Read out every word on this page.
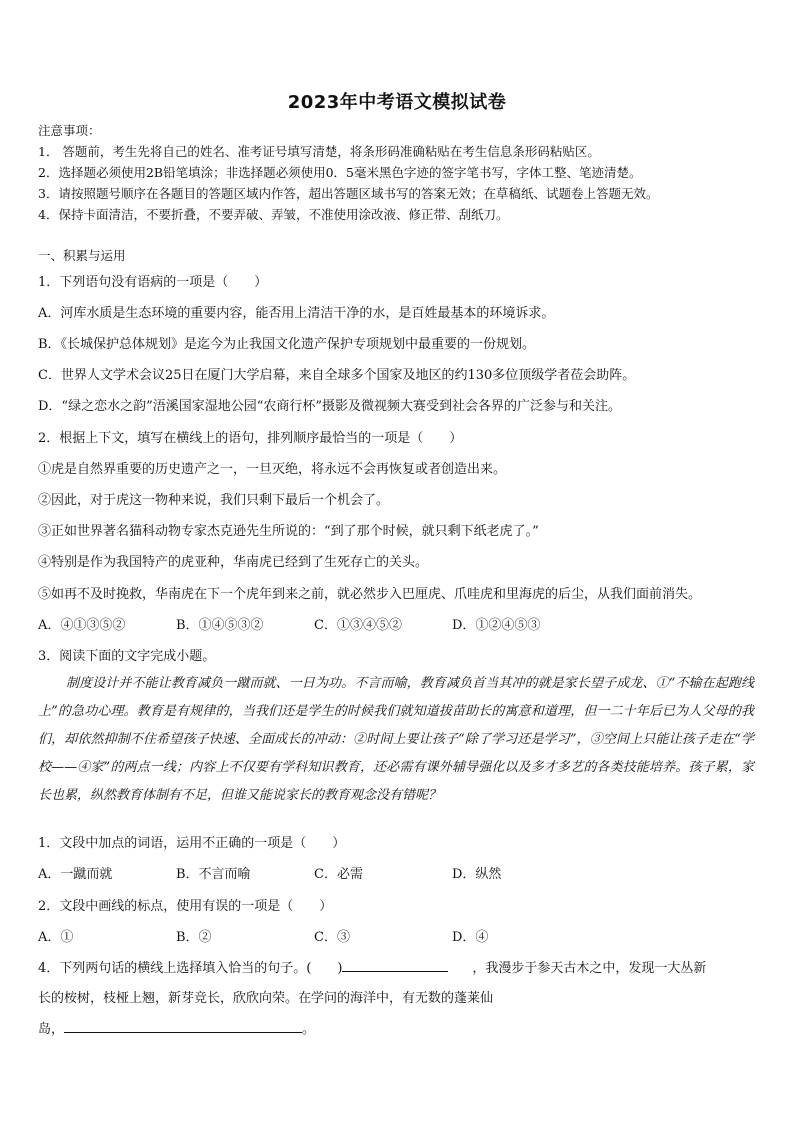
2023年中考语文模拟试卷
注意事项：
1． 答题前，考生先将自己的姓名、准考证号填写清楚，将条形码准确粘贴在考生信息条形码粘贴区。
2．选择题必须使用2B铅笔填涂；非选择题必须使用0．5毫米黑色字迹的签字笔书写，字体工整、笔迹清楚。
3．请按照题号顺序在各题目的答题区域内作答，超出答题区域书写的答案无效；在草稿纸、试题卷上答题无效。
4．保持卡面清洁，不要折叠，不要弄破、弄皱，不准使用涂改液、修正带、刮纸刀。
一、积累与运用
1．下列语句没有语病的一项是（　　）
A．河库水质是生态环境的重要内容，能否用上清洁干净的水，是百姓最基本的环境诉求。
B．《长城保护总体规划》是迄今为止我国文化遗产保护专项规划中最重要的一份规划。
C．世界人文学术会议25日在厦门大学启幕，来自全球多个国家及地区的约130多位顶级学者莅会助阵。
D．“绿之恋水之韵”浯溪国家湿地公园“农商行杯”摄影及微视频大赛受到社会各界的广泛参与和关注。
2．根据上下文，填写在横线上的语句，排列顺序最恰当的一项是（　　）
①虎是自然界重要的历史遗产之一，一旦灭绝，将永远不会再恢复或者创造出来。
②因此，对于虎这一物种来说，我们只剩下最后一个机会了。
③正如世界著名猫科动物专家杰克逊先生所说的：“到了那个时候，就只剩下纸老虎了。”
④特别是作为我国特产的虎亚种，华南虎已经到了生死存亡的关头。
⑤如再不及时挽救，华南虎在下一个虎年到来之前，就必然步入巴厘虎、爪哇虎和里海虎的后尘，从我们面前消失。
A．④①③⑤②	B．①④⑤③②	C．①③④⑤②	D．①②④⑤③
3．阅读下面的文字完成小题。
制度设计并不能让教育减负一蹴而就、一日为功。不言而喻，教育减负首当其冲的就是家长望子成龙、①“不输在起跑线上”的急功心理。教育是有规律的，当我们还是学生的时候我们就知道拔苗助长的寓意和道理，但一二十年后已为人父母的我们，却依然抑制不住希望孩子快速、全面成长的冲动：②时间上要让孩子“除了学习还是学习”，③空间上只能让孩子走在“学校——④家”的两点一线；内容上不仅要有学科知识教育，还必需有课外辅导强化以及多才多艺的各类技能培养。孩子累，家长也累，纵然教育体制有不足，但谁又能说家长的教育观念没有错呢？
1．文段中加点的词语，运用不正确的一项是（　　）
A．一蹴而就	B．不言而喻	C．必需	D．纵然
2．文段中画线的标点，使用有误的一项是（　　）
A．①	B．②	C．③	D．④
4．下列两句话的横线上选择填入恰当的句子。(　　)	，我漫步于参天古木之中，发现一大丛新
长的桉树，枝桠上翘，新芽竞长，欣欣向荣。在学问的海洋中，有无数的蓬莱仙
岛，	。
